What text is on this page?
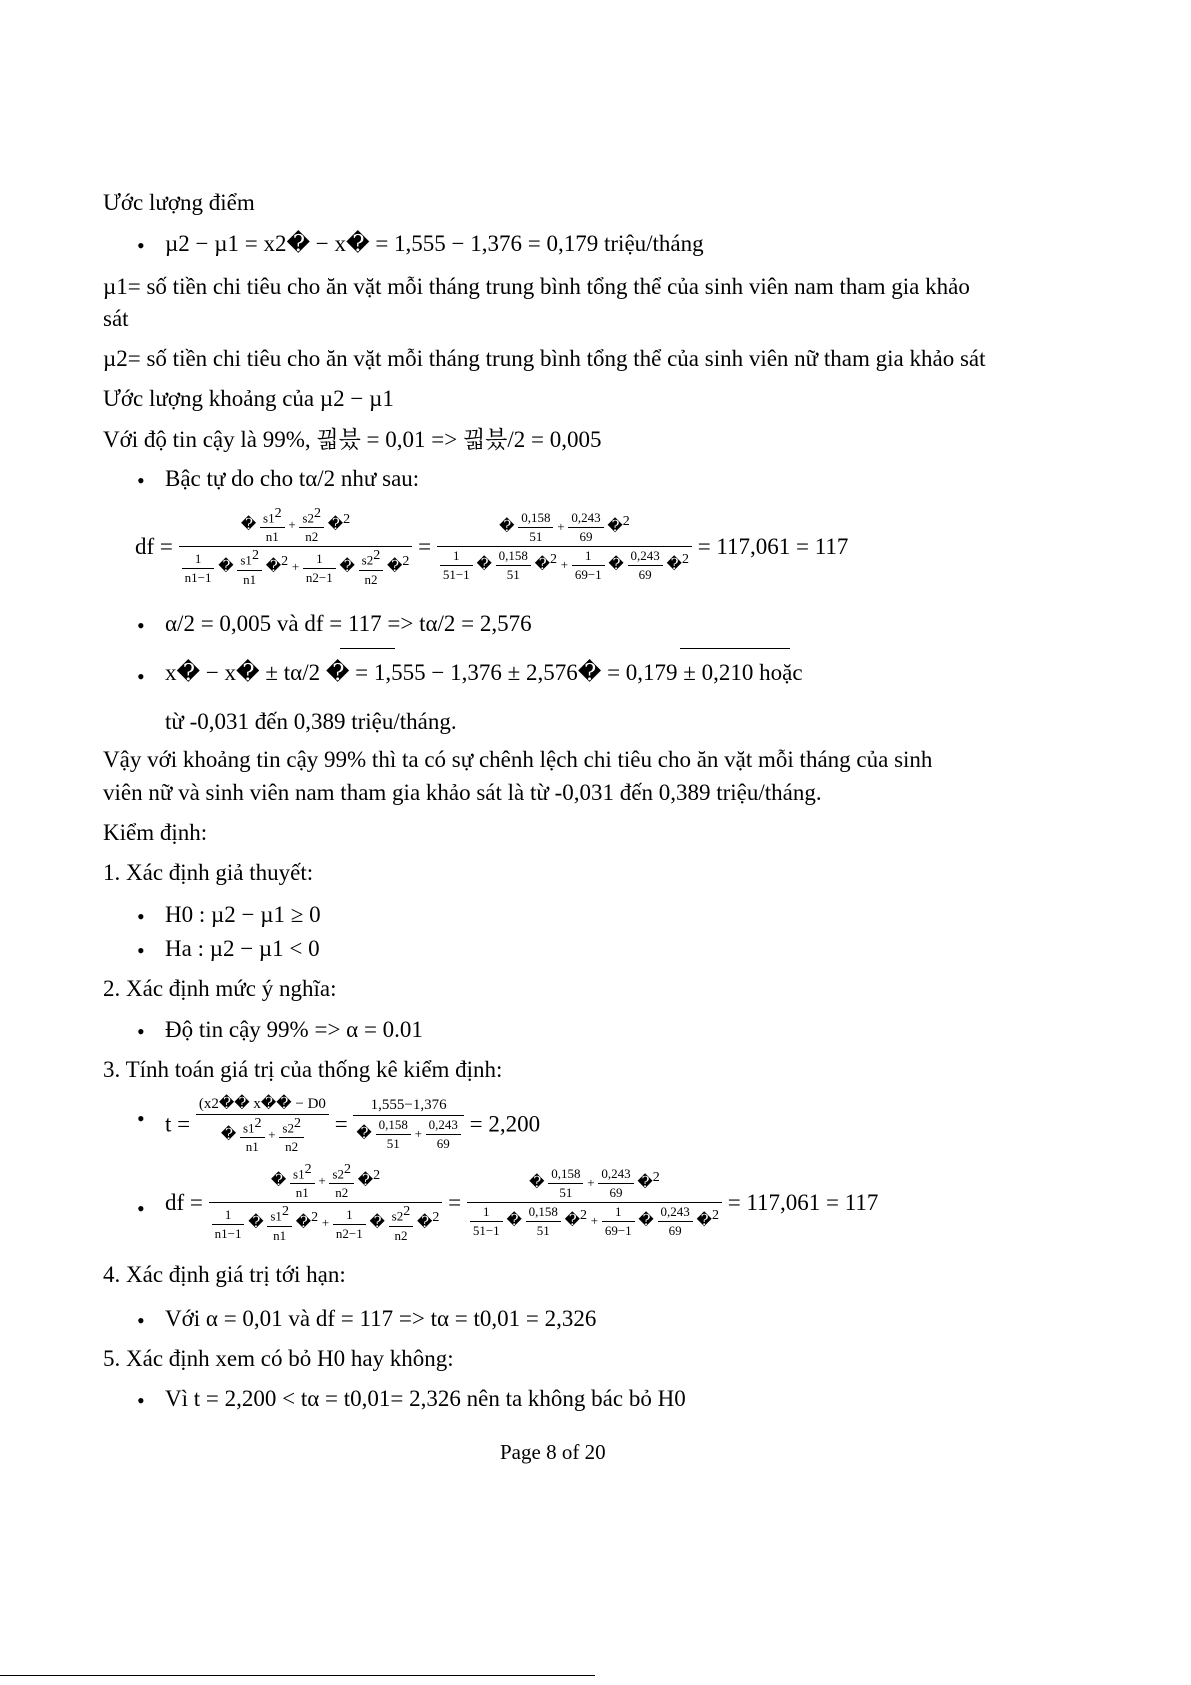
Ước lượng điểm
• µ2 − µ1 = x2� − x� = 1,555 − 1,376 = 0,179 triệu/tháng
µ1= số tiền chi tiêu cho ăn vặt mỗi tháng trung bình tổng thể của sinh viên nam tham gia khảo
sát
µ2= số tiền chi tiêu cho ăn vặt mỗi tháng trung bình tổng thể của sinh viên nữ tham gia khảo sát
Ước lượng khoảng của µ2 − µ1
Với độ tin cậy là 99%, 끫븠 = 0,01 => 끫븠/2 = 0,005
• Bậc tự do cho tα/2 như sau:
df =
� $\frac{s1^2}{n1} + \frac{s2^2}{n2}$ �$^2$
$\frac{1}{n1-1}$ � $\frac{s1^2}{n1}$ �$^2$ + $\frac{1}{n2-1}$ � $\frac{s2^2}{n2}$ �$^2$
=
� $\frac{0,158}{51} + \frac{0,243}{69}$ �$^2$
$\frac{1}{51-1}$ � $\frac{0,158}{51}$ �$^2$ + $\frac{1}{69-1}$ � $\frac{0,243}{69}$ �$^2$
= 117,061 = 117
• α/2 = 0,005 và df = 117 => tα/2 = 2,576
• x� − x� ± tα/2 � = 1,555 − 1,376 ± 2,576� = 0,179 ± 0,210 hoặc
từ -0,031 đến 0,389 triệu/tháng.
Vậy với khoảng tin cậy 99% thì ta có sự chênh lệch chi tiêu cho ăn vặt mỗi tháng của sinh
viên nữ và sinh viên nam tham gia khảo sát là từ -0,031 đến 0,389 triệu/tháng.
Kiểm định:
1. Xác định giả thuyết:
• H0 : µ2 − µ1 ≥ 0
• Ha : µ2 − µ1 < 0
2. Xác định mức ý nghĩa:
• Độ tin cậy 99% => α = 0.01
3. Tính toán giá trị của thống kê kiểm định:
• $t = \frac{(x2�� x�� - D0}{� \frac{s1^2}{n1} + \frac{s2^2}{n2}} = \frac{1,555-1,376}{� \frac{0,158}{51} + \frac{0,243}{69}} = 2,200$
• df =
� $\frac{s1^2}{n1} + \frac{s2^2}{n2}$ �$^2$
$\frac{1}{n1-1}$ � $\frac{s1^2}{n1}$ �$^2$ + $\frac{1}{n2-1}$ � $\frac{s2^2}{n2}$ �$^2$
=
� $\frac{0,158}{51} + \frac{0,243}{69}$ �$^2$
$\frac{1}{51-1}$ � $\frac{0,158}{51}$ �$^2$ + $\frac{1}{69-1}$ � $\frac{0,243}{69}$ �$^2$
= 117,061 = 117
4. Xác định giá trị tới hạn:
• Với α = 0,01 và df = 117 => tα = t0,01 = 2,326
5. Xác định xem có bỏ H0 hay không:
• Vì t = 2,200 < tα = t0,01= 2,326 nên ta không bác bỏ H0
Page 8 of 20
